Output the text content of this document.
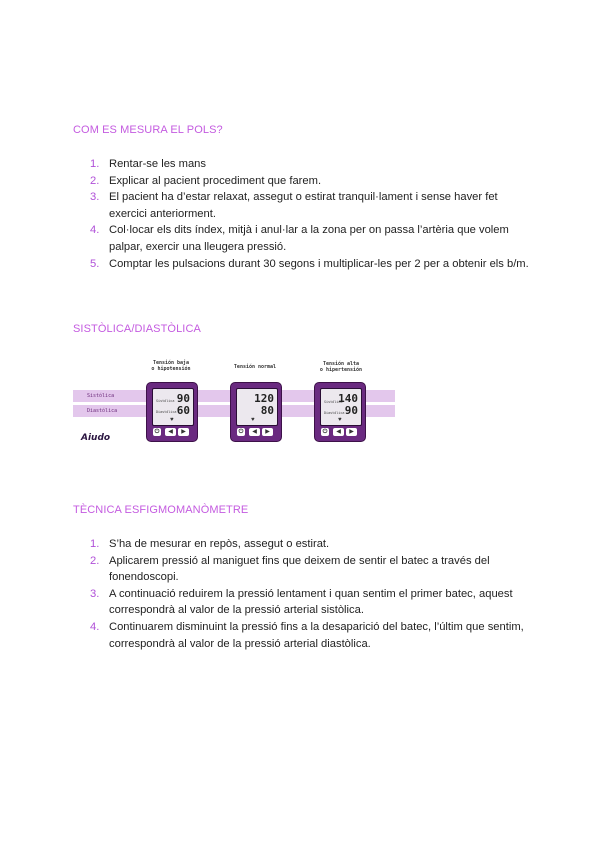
COM ES MESURA EL POLS?
1. Rentar-se les mans
2. Explicar al pacient procediment que farem.
3. El pacient ha d’estar relaxat, assegut o estirat tranquil·lament i sense haver fet exercici anteriorment.
4. Col·locar els dits índex, mitjà i anul·lar a la zona per on passa l’artèria que volem palpar, exercir una lleugera pressió.
5. Comptar les pulsacions durant 30 segons i multiplicar-les per 2 per a obtenir els b/m.
SISTÒLICA/DIASTÒLICA
Sistólica
Diastólica
Aiudo
Tensión baja
o hipotensión
Sistólica
Diastólica
90
60
♥
⏻	◀	▶
Tensión normal
120
80
♥
⏻	◀	▶
Tensión alta
o hipertensión
Sistólica
Diastólica
140
90
♥
⏻	◀	▶
TÈCNICA ESFIGMOMANÒMETRE
1. S’ha de mesurar en repòs, assegut o estirat.
2. Aplicarem pressió al maniguet fins que deixem de sentir el batec a través del fonendoscopi.
3. A continuació reduirem la pressió lentament i quan sentim el primer batec, aquest correspondrà al valor de la pressió arterial sistòlica.
4. Continuarem disminuint la pressió fins a la desaparició del batec, l’últim que sentim, correspondrà al valor de la pressió arterial diastòlica.
